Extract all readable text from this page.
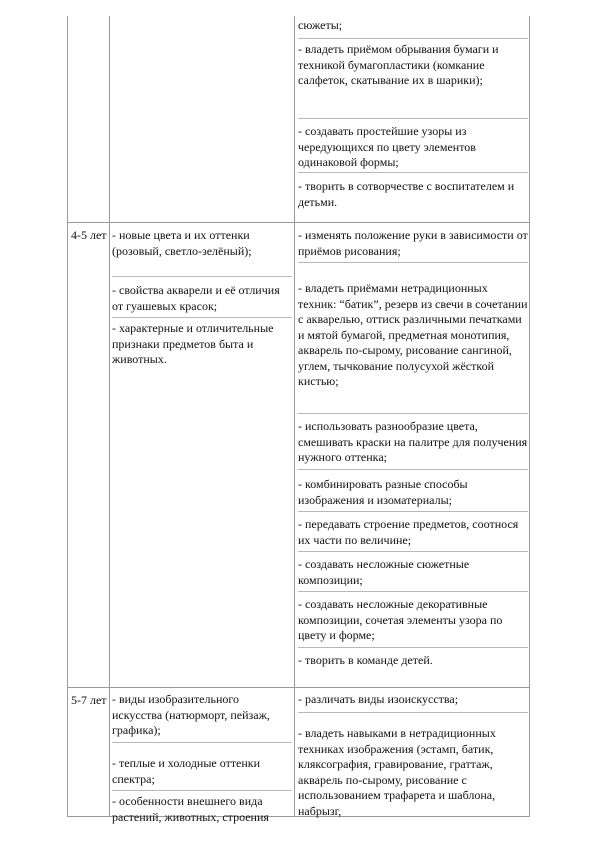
сюжеты;
- владеть приёмом обрывания бумаги и техникой бумагопластики (комкание салфеток, скатывание их в шарики);
- создавать простейшие узоры из чередующихся по цвету элементов одинаковой формы;
- творить в сотворчестве с воспитателем и детьми.
4-5 лет - новые цвета и их оттенки (розовый, светло-зелёный);
- свойства акварели и её отличия от гуашевых красок;
- характерные и отличительные признаки предметов быта и животных.
- изменять положение руки в зависимости от приёмов рисования;
- владеть приёмами нетрадиционных техник: “батик”, резерв из свечи в сочетании с акварелью, оттиск различными печатками и мятой бумагой, предметная монотипия, акварель по-сырому, рисование сангиной, углем, тычкование полусухой жёсткой кистью;
- использовать разнообразие цвета, смешивать краски на палитре для получения нужного оттенка;
- комбинировать разные способы изображения и изоматериалы;
- передавать строение предметов, соотнося их части по величине;
- создавать несложные сюжетные композиции;
- создавать несложные декоративные композиции, сочетая элементы узора по цвету и форме;
- творить в команде детей.
5-7 лет - виды изобразительного искусства (натюрморт, пейзаж, графика);
- теплые и холодные оттенки спектра;
- особенности внешнего вида растений, животных, строения
- различать виды изоискусства;
- владеть навыками в нетрадиционных техниках изображения (эстамп, батик, кляксография, гравирование, граттаж, акварель по-сырому, рисование с использованием трафарета и шаблона, набрызг,
